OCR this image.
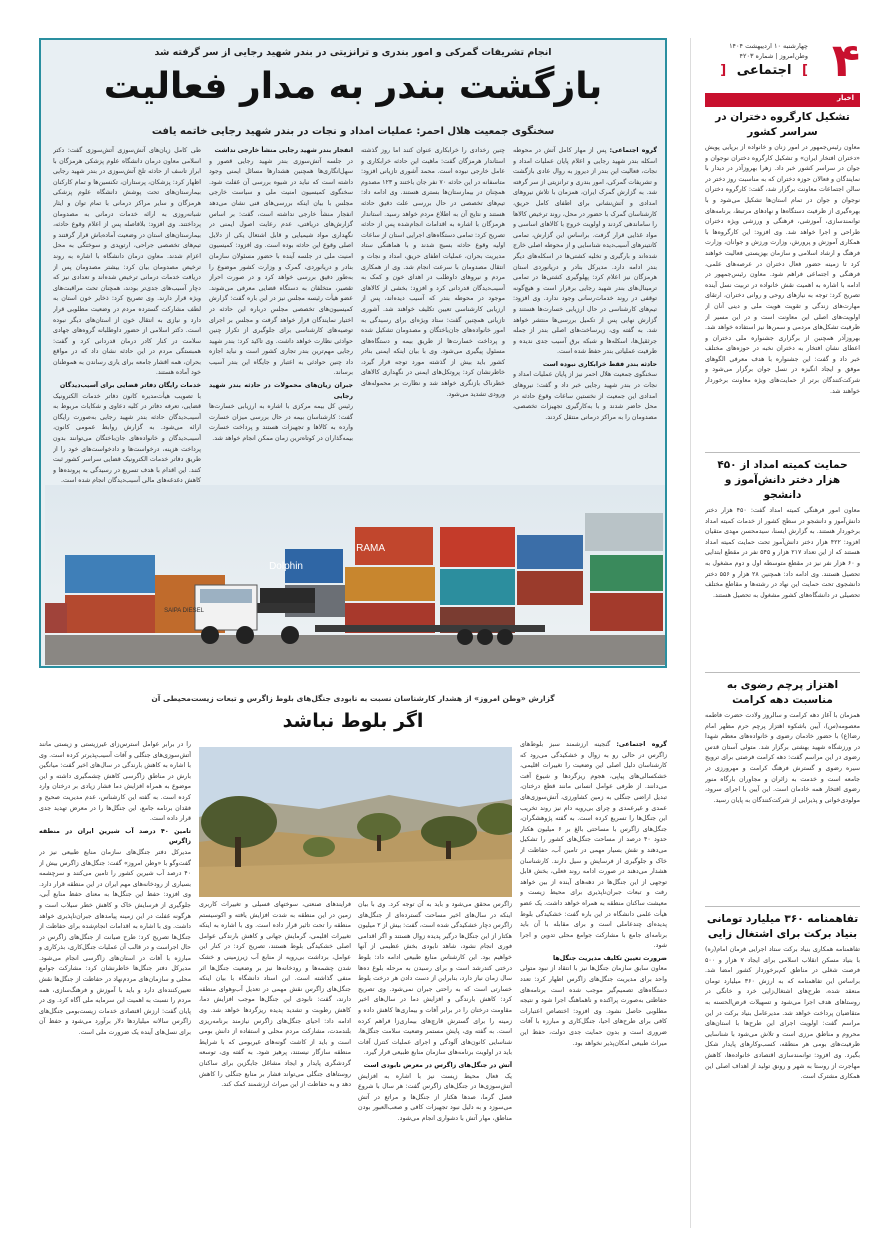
۴
چهارشنبه ۱۰ اردیبهشت ۱۴۰۴
وطن‌امروز | شماره ۴۲۰۳
] اجتماعی [
اخبار
تشکیل کارگروه دختران در سراسر کشور
معاون رئیس‌جمهور در امور زنان و خانواده از برپایی پویش «دختران افتخار ایران» و تشکیل کارگروه دختران نوجوان و جوان در سراسر کشور خبر داد. زهرا بهروزآذر در دیدار با نمایندگان و فعالان حوزه دختران که به مناسبت روز دختر در سالن اجتماعات معاونت برگزار شد، گفت: کارگروه دختران نوجوان و جوان در تمام استان‌ها تشکیل می‌شود و با بهره‌گیری از ظرفیت دستگاه‌ها و نهادهای مرتبط، برنامه‌های توانمندسازی، آموزشی، فرهنگی و ورزشی ویژه دختران طراحی و اجرا خواهد شد. وی افزود: این کارگروه‌ها با همکاری آموزش و پرورش، وزارت ورزش و جوانان، وزارت فرهنگ و ارشاد اسلامی و سازمان بهزیستی فعالیت خواهند کرد تا زمینه حضور فعال دختران در عرصه‌های علمی، فرهنگی و اجتماعی فراهم شود. معاون رئیس‌جمهور در ادامه با اشاره به اهمیت نقش خانواده در تربیت نسل آینده تصریح کرد: توجه به نیازهای روحی و روانی دختران، ارتقای مهارت‌های زندگی و تقویت هویت ملی و دینی آنان از اولویت‌های اصلی این معاونت است و در این مسیر از ظرفیت تشکل‌های مردمی و سمن‌ها نیز استفاده خواهد شد. بهروزآذر همچنین از برگزاری جشنواره ملی دختران و اعطای نشان افتخار به دختران نخبه در حوزه‌های مختلف خبر داد و گفت: این جشنواره با هدف معرفی الگوهای موفق و ایجاد انگیزه در نسل جوان برگزار می‌شود و شرکت‌کنندگان برتر از حمایت‌های ویژه معاونت برخوردار خواهند شد.
حمایت کمیته امداد از ۴۵۰ هزار دختر دانش‌آموز و دانشجو
معاون امور فرهنگی کمیته امداد گفت: ۴۵۰ هزار دختر دانش‌آموز و دانشجو در سطح کشور از خدمات کمیته امداد برخوردار هستند. به گزارش ایسنا، سید‌محسن مهدی متقیان افزود: ۴۲۲ هزار دختر دانش‌آموز تحت حمایت کمیته امداد هستند که از این تعداد ۲۱۷ هزار و ۵۴۵ نفر در مقطع ابتدایی و ۶۰ هزار نفر نیز در مقطع متوسطه اول و دوم مشغول به تحصیل هستند. وی ادامه داد: همچنین ۲۸ هزار و ۵۵۶ دختر دانشجوی تحت حمایت این نهاد در رشته‌ها و مقاطع مختلف تحصیلی در دانشگاه‌های کشور مشغول به تحصیل هستند.
اهتزاز پرچم رضوی به مناسبت دهه کرامت
همزمان با آغاز دهه کرامت و سالروز ولادت حضرت فاطمه معصومه(س)، آیین باشکوه اهتزاز پرچم حرم مطهر امام رضا(ع) با حضور خادمان رضوی و خانواده‌های معظم شهدا در ورزشگاه شهید بهشتی برگزار شد. متولی آستان قدس رضوی در این مراسم گفت: دهه کرامت فرصتی برای ترویج سیره رضوی و گسترش فرهنگ کرامت و مهرورزی در جامعه است و خدمت به زائران و مجاوران بارگاه منور رضوی افتخار همه خادمان است. این آیین با اجرای سرود، مولودی‌خوانی و پذیرایی از شرکت‌کنندگان به پایان رسید.
تفاهمنامه ۳۶۰ میلیارد تومانی بنیاد برکت برای اشتغال زایی
تفاهمنامه همکاری بنیاد برکت ستاد اجرایی فرمان امام(ره) با بنیاد مسکن انقلاب اسلامی برای ایجاد ۷ هزار و ۵۰۰ فرصت شغلی در مناطق کم‌برخوردار کشور امضا شد. براساس این تفاهمنامه که به ارزش ۳۶۰ میلیارد تومان منعقد شده، طرح‌های اشتغال‌زایی خرد و خانگی در روستاهای هدف اجرا می‌شود و تسهیلات قرض‌الحسنه به متقاضیان پرداخت خواهد شد. مدیرعامل بنیاد برکت در این مراسم گفت: اولویت اجرای این طرح‌ها با استان‌های محروم و مناطق مرزی است و تلاش می‌شود با شناسایی ظرفیت‌های بومی هر منطقه، کسب‌وکارهای پایدار شکل بگیرد. وی افزود: توانمندسازی اقتصادی خانواده‌ها، کاهش مهاجرت از روستا به شهر و رونق تولید از اهداف اصلی این همکاری مشترک است.
انجام تشریفات گمرکی و امور بندری و ترانزیتی در بندر شهید رجایی از سر گرفته شد
بازگشت بندر به مدار فعالیت
سخنگوی جمعیت هلال احمر: عملیات امداد و نجات در بندر شهید رجایی خاتمه یافت
گروه اجتماعی: پس از مهار کامل آتش در محوطه اسکله بندر شهید رجایی و اعلام پایان عملیات امداد و نجات، فعالیت این بندر از دیروز به روال عادی بازگشت و تشریفات گمرکی، امور بندری و ترانزیتی از سر گرفته شد. به گزارش گمرک ایران، همزمان با تلاش نیروهای امدادی و آتش‌نشانی برای اطفای کامل حریق، کارشناسان گمرک با حضور در محل، روند ترخیص کالاها را ساماندهی کردند و اولویت خروج با کالاهای اساسی و مواد غذایی قرار گرفت. براساس این گزارش، تمامی کانتینرهای آسیب‌دیده شناسایی و از محوطه اصلی خارج شده‌اند و بارگیری و تخلیه کشتی‌ها در اسکله‌های دیگر بندر ادامه دارد. مدیرکل بنادر و دریانوردی استان هرمزگان نیز اعلام کرد: پهلوگیری کشتی‌ها در تمامی ترمینال‌های بندر شهید رجایی برقرار است و هیچ‌گونه توقفی در روند خدمات‌رسانی وجود ندارد. وی افزود: تیم‌های کارشناسی در حال ارزیابی خسارت‌ها هستند و گزارش نهایی پس از تکمیل بررسی‌ها منتشر خواهد شد. به گفته وی، زیرساخت‌های اصلی بندر از جمله جرثقیل‌ها، اسکله‌ها و شبکه برق آسیب جدی ندیده و ظرفیت عملیاتی بندر حفظ شده است.
حادثه بندر فقط خرابکاری نبوده است
سخنگوی جمعیت هلال احمر نیز از پایان عملیات امداد و نجات در بندر شهید رجایی خبر داد و گفت: نیروهای امدادی این جمعیت از نخستین ساعات وقوع حادثه در محل حاضر شدند و با به‌کارگیری تجهیزات تخصصی، مصدومان را به مراکز درمانی منتقل کردند.
چنین رخدادی را خرابکاری عنوان کنند اما روز گذشته استاندار هرمزگان گفت: ماهیت این حادثه خرابکاری و عامل خارجی نبوده است. محمد آشوری تازیانی افزود: متاسفانه در این حادثه ۷۰ نفر جان باختند و ۱۲۳ مصدوم همچنان در بیمارستان‌ها بستری هستند. وی ادامه داد: تیم‌های تخصصی در حال بررسی علت دقیق حادثه هستند و نتایج آن به اطلاع مردم خواهد رسید. استاندار هرمزگان با اشاره به اقدامات انجام‌شده پس از حادثه تصریح کرد: تمامی دستگاه‌های اجرایی استان از ساعات اولیه وقوع حادثه بسیج شدند و با هماهنگی ستاد مدیریت بحران، عملیات اطفای حریق، امداد و نجات و انتقال مصدومان با سرعت انجام شد. وی از همکاری مردم و نیروهای داوطلب در اهدای خون و کمک به آسیب‌دیدگان قدردانی کرد و افزود: بخشی از کالاهای موجود در محوطه بندر که آسیب دیده‌اند، پس از ارزیابی کارشناسی تعیین تکلیف خواهند شد. آشوری تازیانی همچنین گفت: ستاد ویژه‌ای برای رسیدگی به امور خانواده‌های جان‌باختگان و مصدومان تشکیل شده و پرداخت خسارت‌ها از طریق بیمه و دستگاه‌های مسئول پیگیری می‌شود. وی با بیان اینکه ایمنی بنادر کشور باید بیش از گذشته مورد توجه قرار گیرد، خاطرنشان کرد: پروتکل‌های ایمنی در نگهداری کالاهای خطرناک بازنگری خواهد شد و نظارت بر محموله‌های ورودی تشدید می‌شود.
انفجار بندر شهید رجایی منشأ خارجی نداشت
در جلسه آتش‌سوزی بندر شهید رجایی قصور و سهل‌انگاری‌ها همچنین هشدارها مسائل ایمنی وجود داشته است که نباید در شیوه بررسی آن غفلت شود. سخنگوی کمیسیون امنیت ملی و سیاست خارجی مجلس با بیان اینکه بررسی‌های فنی نشان می‌دهد انفجار منشأ خارجی نداشته است، گفت: بر اساس گزارش‌های دریافتی، عدم رعایت اصول ایمنی در نگهداری مواد شیمیایی و قابل اشتعال یکی از دلایل اصلی وقوع این حادثه بوده است. وی افزود: کمیسیون امنیت ملی در جلسه آینده با حضور مسئولان سازمان بنادر و دریانوردی، گمرک و وزارت کشور موضوع را به‌طور دقیق بررسی خواهد کرد و در صورت احراز تقصیر، متخلفان به دستگاه قضایی معرفی می‌شوند. عضو هیأت رئیسه مجلس نیز در این باره گفت: گزارش کمیسیون‌های تخصصی مجلس درباره این حادثه در اختیار نمایندگان قرار خواهد گرفت و مجلس بر اجرای توصیه‌های کارشناسی برای جلوگیری از تکرار چنین حوادثی نظارت خواهد داشت. وی تاکید کرد: بندر شهید رجایی مهم‌ترین بندر تجاری کشور است و نباید اجازه داد چنین حوادثی به اعتبار و جایگاه این بندر آسیب برساند.
جبران زیان‌های محمولات در حادثه بندر شهید رجایی
رئیس کل بیمه مرکزی با اشاره به ارزیابی خسارت‌ها گفت: کارشناسان بیمه در حال بررسی میزان خسارت وارده به کالاها و تجهیزات هستند و پرداخت خسارت بیمه‌گذاران در کوتاه‌ترین زمان ممکن انجام خواهد شد.
طی کامل زیان‌های آتش‌سوزی آتش‌سوزی گفت: دکتر اسلامی معاون درمان دانشگاه علوم پزشکی هرمزگان با ابراز تاسف از حادثه تلخ آتش‌سوزی در بندر شهید رجایی اظهار کرد: پزشکان، پرستاران، تکنسین‌ها و تمام کارکنان بیمارستان‌های تحت پوشش دانشگاه علوم پزشکی هرمزگان و سایر مراکز درمانی با تمام توان و ایثار شبانه‌روزی به ارائه خدمات درمانی به مصدومان پرداختند. وی افزود: بلافاصله پس از اعلام وقوع حادثه، بیمارستان‌های استان در وضعیت آماده‌باش قرار گرفتند و تیم‌های تخصصی جراحی، ارتوپدی و سوختگی به محل اعزام شدند. معاون درمان دانشگاه با اشاره به روند ترخیص مصدومان بیان کرد: بیشتر مصدومان پس از دریافت خدمات درمانی ترخیص شده‌اند و تعدادی نیز که دچار آسیب‌های جدی‌تر بودند، همچنان تحت مراقبت‌های ویژه قرار دارند. وی تصریح کرد: ذخایر خون استان به لطف مشارکت گسترده مردم در وضعیت مطلوبی قرار دارد و نیازی به انتقال خون از استان‌های دیگر نبوده است. دکتر اسلامی از حضور داوطلبانه گروه‌های جهادی سلامت در کنار کادر درمان قدردانی کرد و گفت: همبستگی مردم در این حادثه نشان داد که در مواقع بحران، همه اقشار جامعه برای یاری رساندن به هموطنان خود آماده هستند.
خدمات رایگان دفاتر قضایی برای آسیب‌دیدگان
با تصویب هیأت‌مدیره کانون دفاتر خدمات الکترونیک قضایی، تعرفه دفاتر در کلیه دعاوی و شکایات مربوط به آسیب‌دیدگان حادثه بندر شهید رجایی به‌صورت رایگان ارائه می‌شود. به گزارش روابط عمومی کانون، آسیب‌دیدگان و خانواده‌های جان‌باختگان می‌توانند بدون پرداخت هزینه، درخواست‌ها و دادخواست‌های خود را از طریق دفاتر خدمات الکترونیک قضایی سراسر کشور ثبت کنند. این اقدام با هدف تسریع در رسیدگی به پرونده‌ها و کاهش دغدغه‌های مالی آسیب‌دیدگان انجام شده است.
RAMA
Dolphin
SAIPA DIESEL
گزارش «وطن امروز» از هشدار کارشناسان نسبت به نابودی جنگل‌های بلوط زاگرس و تبعات زیست‌محیطی آن
اگر بلوط نباشد
گروه اجتماعی: گنجینه ارزشمند سبز بلوط‌های زاگرس در حالی رو به زوال و خشکیدگی می‌رود که کارشناسان دلیل اصلی این وضعیت را تغییرات اقلیمی، خشکسالی‌های پیاپی، هجوم ریزگردها و شیوع آفت می‌دانند. از طرفی عوامل انسانی مانند قطع درختان، تبدیل اراضی جنگلی به زمین کشاورزی، آتش‌سوزی‌های عمدی و غیرعمدی و چرای بی‌رویه دام نیز روند تخریب این جنگل‌ها را تسریع کرده است. به گفته پژوهشگران، جنگل‌های زاگرس با مساحتی بالغ بر ۶ میلیون هکتار حدود ۴۰ درصد از مساحت جنگل‌های کشور را تشکیل می‌دهند و نقش بسیار مهمی در تامین آب، حفاظت از خاک و جلوگیری از فرسایش و سیل دارند. کارشناسان هشدار می‌دهند در صورت ادامه روند فعلی، بخش قابل توجهی از این جنگل‌ها در دهه‌های آینده از بین خواهد رفت و تبعات جبران‌ناپذیری برای محیط زیست و معیشت ساکنان منطقه به همراه خواهد داشت. یک عضو هیأت علمی دانشگاه در این باره گفت: خشکیدگی بلوط پدیده‌ای چندعاملی است و برای مقابله با آن باید برنامه‌ای جامع با مشارکت جوامع محلی تدوین و اجرا شود.
ضرورت تعیین تکلیف مدیریت جنگل‌ها
معاون سابق سازمان جنگل‌ها نیز با انتقاد از نبود متولی واحد برای مدیریت جنگل‌های زاگرس اظهار کرد: تعدد دستگاه‌های تصمیم‌گیر موجب شده است برنامه‌های حفاظتی به‌صورت پراکنده و ناهماهنگ اجرا شود و نتیجه مطلوبی حاصل نشود. وی افزود: اختصاص اعتبارات کافی برای طرح‌های احیا، جنگل‌کاری و مبارزه با آفات ضروری است و بدون حمایت جدی دولت، حفظ این میراث طبیعی امکان‌پذیر نخواهد بود.
زاگرس محقق می‌شود و باید به آن توجه کرد. وی با بیان اینکه در سال‌های اخیر مساحت گسترده‌ای از جنگل‌های زاگرس دچار خشکیدگی شده است، گفت: بیش از ۲ میلیون هکتار از این جنگل‌ها درگیر پدیده زوال هستند و اگر اقدامی فوری انجام نشود، شاهد نابودی بخش عظیمی از آنها خواهیم بود. این کارشناس منابع طبیعی ادامه داد: بلوط درختی کندرشد است و برای رسیدن به مرحله بلوغ ده‌ها سال زمان نیاز دارد، بنابراین از دست دادن هر درخت بلوط خسارتی است که به راحتی جبران نمی‌شود. وی تصریح کرد: کاهش بارندگی و افزایش دما در سال‌های اخیر مقاومت درختان را در برابر آفات و بیماری‌ها کاهش داده و زمینه را برای گسترش قارچ‌های بیماری‌زا فراهم کرده است. به گفته وی، پایش مستمر وضعیت سلامت جنگل‌ها، شناسایی کانون‌های آلودگی و اجرای عملیات کنترل آفات باید در اولویت برنامه‌های سازمان منابع طبیعی قرار گیرد.
آتش در جنگل‌های زاگرس در معرض نابودی است
یک فعال محیط زیست نیز با اشاره به افزایش آتش‌سوزی‌ها در جنگل‌های زاگرس گفت: هر سال با شروع فصل گرما، صدها هکتار از جنگل‌ها و مراتع در آتش می‌سوزد و به دلیل نبود تجهیزات کافی و صعب‌العبور بودن مناطق، مهار آتش با دشواری انجام می‌شود.
فرایندهای صنعتی، سوختهای فسیلی و تغییرات کاربری زمین در این منطقه به شدت افزایش یافته و اکوسیستم منطقه را تحت تاثیر قرار داده است. وی با اشاره به اینکه تغییرات اقلیمی، گرمایش جهانی و کاهش بارندگی عوامل اصلی خشکیدگی بلوط هستند، تصریح کرد: در کنار این عوامل، برداشت بی‌رویه از منابع آب زیرزمینی و خشک شدن چشمه‌ها و رودخانه‌ها نیز بر وضعیت جنگل‌ها اثر منفی گذاشته است. این استاد دانشگاه با بیان اینکه جنگل‌های زاگرس نقش مهمی در تعدیل آب‌وهوای منطقه دارند، گفت: نابودی این جنگل‌ها موجب افزایش دما، کاهش رطوبت و تشدید پدیده ریزگردها خواهد شد. وی ادامه داد: احیای جنگل‌های زاگرس نیازمند برنامه‌ریزی بلندمدت، مشارکت مردم محلی و استفاده از دانش بومی است و باید از کاشت گونه‌های غیربومی که با شرایط منطقه سازگار نیستند، پرهیز شود. به گفته وی، توسعه گردشگری پایدار و ایجاد مشاغل جایگزین برای ساکنان روستاهای جنگلی می‌تواند فشار بر منابع جنگلی را کاهش دهد و به حفاظت از این میراث ارزشمند کمک کند.
را در برابر عوامل استرس‌زای غیرزیستی و زیستی مانند آتش‌سوزی‌های جنگلی و آفات آسیب‌پذیرتر کرده است. وی با اشاره به کاهش بارندگی در سال‌های اخیر گفت: میانگین بارش در مناطق زاگرسی کاهش چشمگیری داشته و این موضوع به همراه افزایش دما فشار زیادی بر درختان وارد کرده است. به گفته این کارشناس، عدم مدیریت صحیح و فقدان برنامه جامع، این جنگل‌ها را در معرض تهدید جدی قرار داده است.
تامین ۴۰ درصد آب شیرین ایران در منطقه زاگرس
مدیرکل دفتر جنگل‌های سازمان منابع طبیعی نیز در گفت‌وگو با «وطن امروز» گفت: جنگل‌های زاگرس بیش از ۴۰ درصد آب شیرین کشور را تامین می‌کنند و سرچشمه بسیاری از رودخانه‌های مهم ایران در این منطقه قرار دارد. وی افزود: حفظ این جنگل‌ها به معنای حفظ منابع آبی، جلوگیری از فرسایش خاک و کاهش خطر سیلاب است و هرگونه غفلت در این زمینه پیامدهای جبران‌ناپذیری خواهد داشت. وی با اشاره به اقدامات انجام‌شده برای حفاظت از جنگل‌ها تصریح کرد: طرح صیانت از جنگل‌های زاگرس در حال اجراست و در قالب آن عملیات جنگل‌کاری، بذرکاری و مبارزه با آفات در استان‌های زاگرسی انجام می‌شود. مدیرکل دفتر جنگل‌ها خاطرنشان کرد: مشارکت جوامع محلی و سازمان‌های مردم‌نهاد در حفاظت از جنگل‌ها نقش تعیین‌کننده‌ای دارد و باید با آموزش و فرهنگ‌سازی، همه مردم را نسبت به اهمیت این سرمایه ملی آگاه کرد. وی در پایان گفت: ارزش اقتصادی خدمات زیست‌بومی جنگل‌های زاگرس سالانه میلیاردها دلار برآورد می‌شود و حفظ آن برای نسل‌های آینده یک ضرورت ملی است.
